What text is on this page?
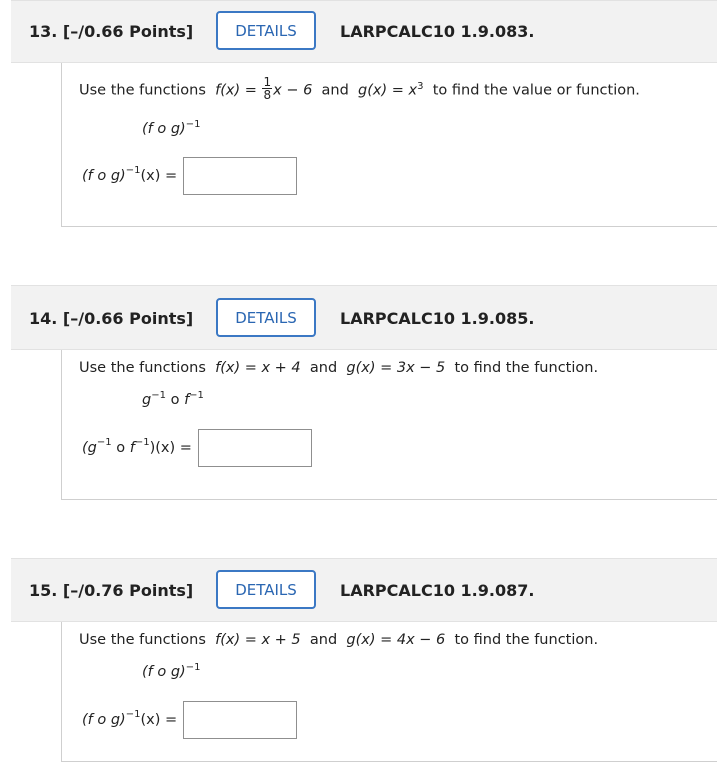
13. [–/0.66 Points]	DETAILS	LARPCALC10 1.9.083.
Use the functions $f(x) = \frac{1}{8}$ x − 6 and $g(x) = x^3$ to find the value or function.
(f o g)$^{-1}$
(f o g) −1 (x) =
14. [–/0.66 Points]	DETAILS	LARPCALC10 1.9.085.
Use the functions f(x) = x + 4 and g(x) = 3x − 5 to find the function.
$g^{-1}$ o $f^{-1}$
(g −1
o
f −1 )(x) =
15. [–/0.76 Points]	DETAILS	LARPCALC10 1.9.087.
Use the functions f(x) = x + 5 and g(x) = 4x − 6 to find the function.
(f o g)$^{-1}$
(f o g) −1 (x) =
